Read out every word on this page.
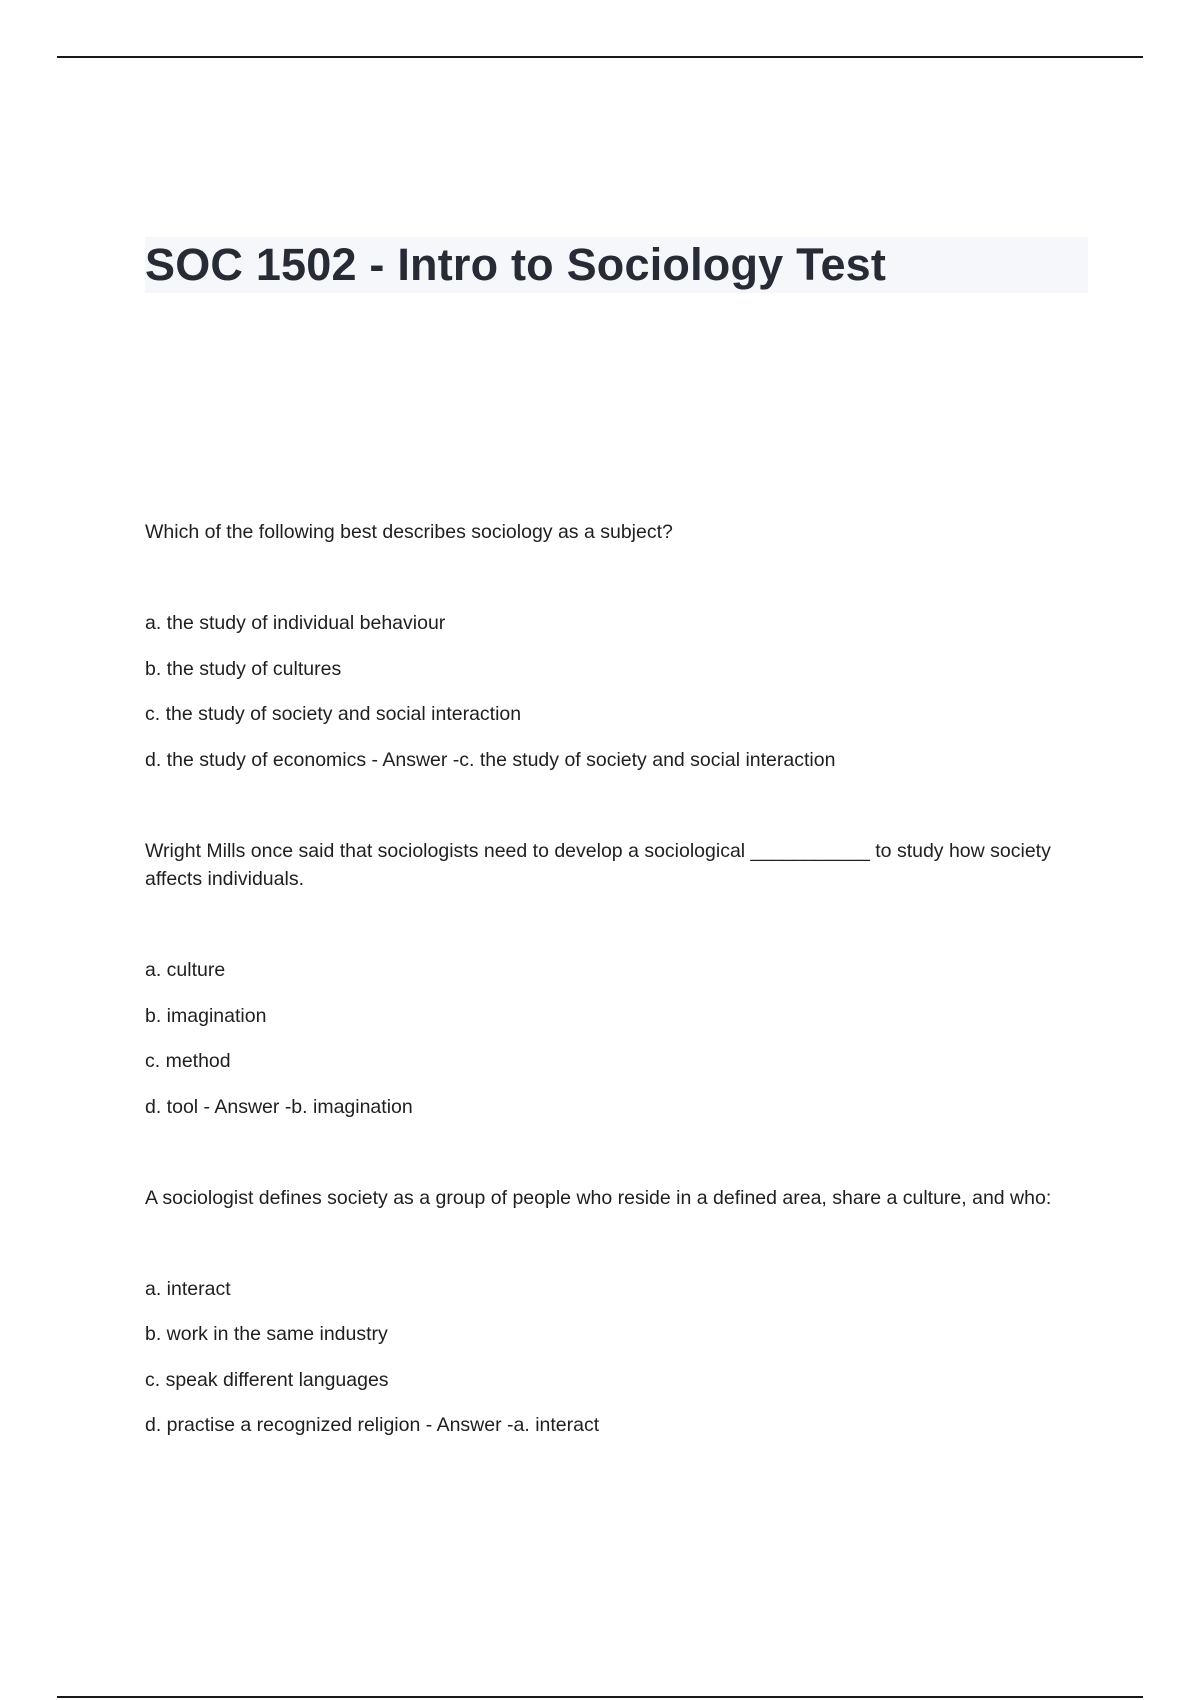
SOC 1502 - Intro to Sociology Test

Which of the following best describes sociology as a subject?

a. the study of individual behaviour

b. the study of cultures

c. the study of society and social interaction

d. the study of economics - Answer -c. the study of society and social interaction

Wright Mills once said that sociologists need to develop a sociological ___________ to study how society affects individuals.

a. culture

b. imagination

c. method

d. tool - Answer -b. imagination

A sociologist defines society as a group of people who reside in a defined area, share a culture, and who:

a. interact

b. work in the same industry

c. speak different languages

d. practise a recognized religion - Answer -a. interact
